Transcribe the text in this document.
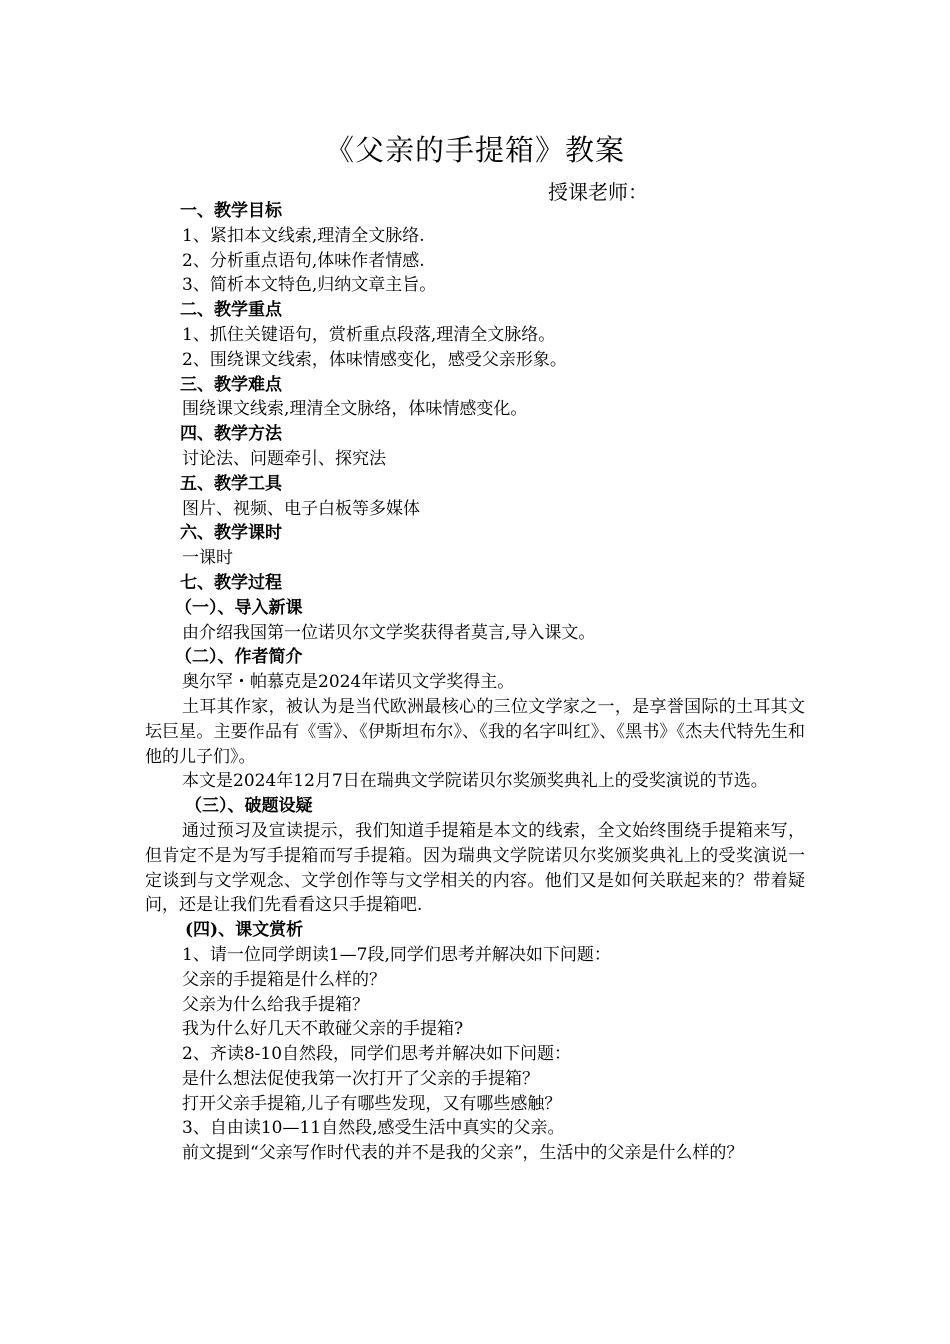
《父亲的手提箱》教案
授课老师：

一、教学目标

1、紧扣本文线索,理清全文脉络.

2、分析重点语句,体味作者情感.

3、简析本文特色,归纳文章主旨。

二、教学重点

1、抓住关键语句，赏析重点段落,理清全文脉络。

2、围绕课文线索，体味情感变化，感受父亲形象。

三、教学难点

围绕课文线索,理清全文脉络，体味情感变化。

四、教学方法

讨论法、问题牵引、探究法

五、教学工具

图片、视频、电子白板等多媒体

六、教学课时

一课时

七、教学过程

（一）、导入新课

由介绍我国第一位诺贝尔文学奖获得者莫言,导入课文。

（二）、作者简介

奥尔罕・帕慕克是2024年诺贝文学奖得主。

土耳其作家，被认为是当代欧洲最核心的三位文学家之一，是享誉国际的土耳其文坛巨星。主要作品有《雪》、《伊斯坦布尔》、《我的名字叫红》、《黑书》《杰夫代特先生和他的儿子们》。

本文是2024年12月7日在瑞典文学院诺贝尔奖颁奖典礼上的受奖演说的节选。

（三）、破题设疑

通过预习及宣读提示，我们知道手提箱是本文的线索，全文始终围绕手提箱来写，但肯定不是为写手提箱而写手提箱。因为瑞典文学院诺贝尔奖颁奖典礼上的受奖演说一定谈到与文学观念、文学创作等与文学相关的内容。他们又是如何关联起来的？带着疑问，还是让我们先看看这只手提箱吧.

(四)、课文赏析

1、请一位同学朗读1—7段,同学们思考并解决如下问题：

父亲的手提箱是什么样的？

父亲为什么给我手提箱？

我为什么好几天不敢碰父亲的手提箱?

2、齐读8-10自然段，同学们思考并解决如下问题：

是什么想法促使我第一次打开了父亲的手提箱？

打开父亲手提箱,儿子有哪些发现，又有哪些感触？

3、自由读10—11自然段,感受生活中真实的父亲。

前文提到“父亲写作时代表的并不是我的父亲”，生活中的父亲是什么样的？
